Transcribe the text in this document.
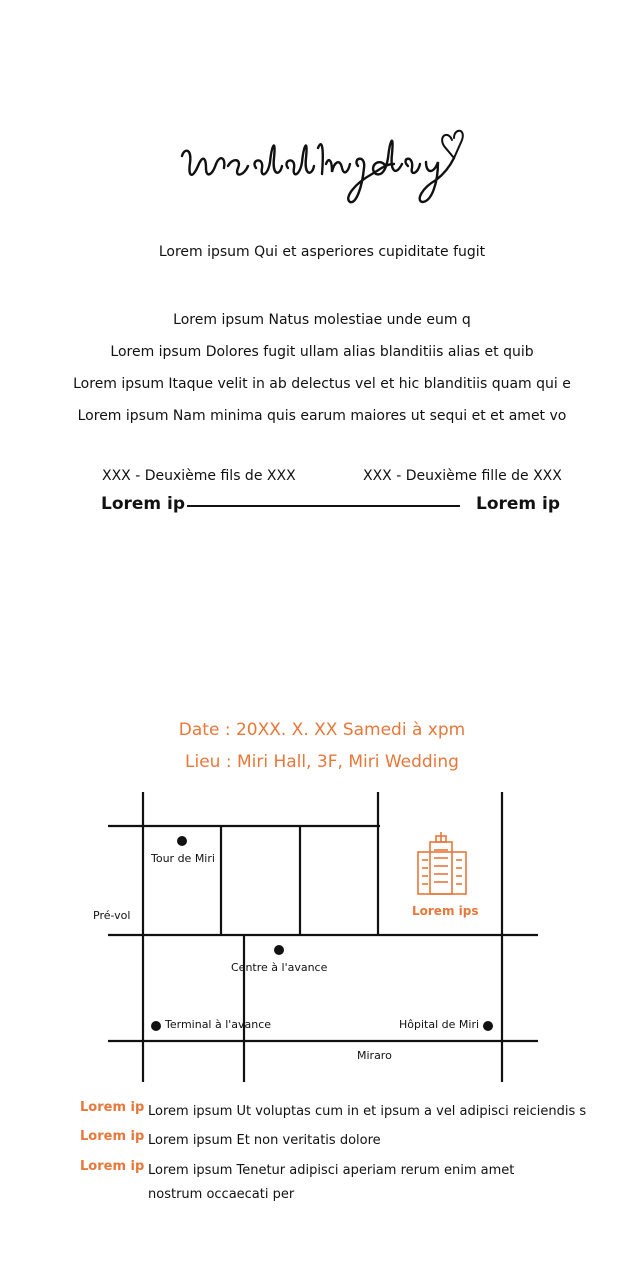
Lorem ipsum Qui et asperiores cupiditate fugit
Lorem ipsum Natus molestiae unde eum q
Lorem ipsum Dolores fugit ullam alias blanditiis alias et quib
Lorem ipsum Itaque velit in ab delectus vel et hic blanditiis quam qui e
Lorem ipsum Nam minima quis earum maiores ut sequi et et amet vo
XXX - Deuxième fils de XXX	XXX - Deuxième fille de XXX
Lorem ip	Lorem ip
Date : 20XX. X. XX Samedi à xpm
Lieu : Miri Hall, 3F, Miri Wedding
Tour de Miri
Pré-vol
Centre à l'avance
Terminal à l'avance	Hôpital de Miri
Miraro
Lorem ips
Lorem ip Lorem ipsum Ut voluptas cum in et ipsum a vel adipisci reiciendis s
Lorem ip Lorem ipsum Et non veritatis dolore
Lorem ip Lorem ipsum Tenetur adipisci aperiam rerum enim amet nostrum occaecati per
